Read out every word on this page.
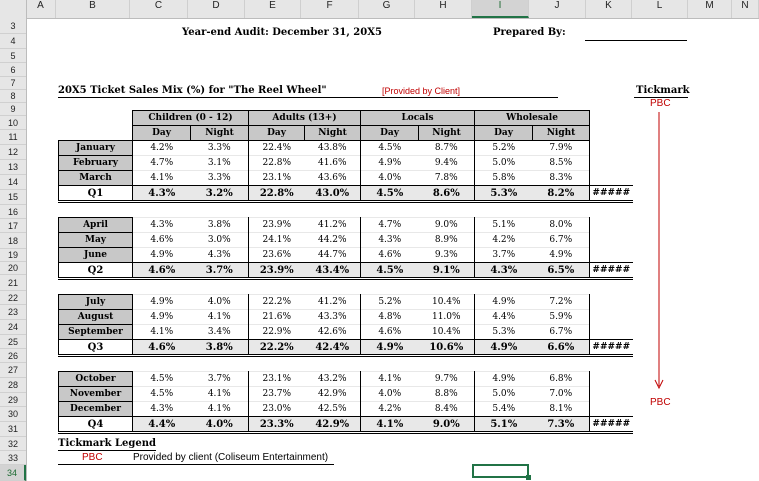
A	B	C	D	E	F	G	H	I	J	K	L	M	N
3
4
5
6
7
8
9
10
11
12
13
14
15
16
17
18
19
20
21
22
23
24
25
26
27
28
29
30
31
32
33
34
Year-end Audit: December 31, 20X5	Prepared By:
20X5 Ticket Sales Mix (%) for "The Reel Wheel"	[Provided by Client]	Tickmark
PBC
PBC
	Children (0 - 12)		Adults (13+)		Locals		Wholesale		
	Day	Night	Day	Night	Day	Night	Day	Night	
January	4.2%	3.3%	22.4%	43.8%	4.5%	8.7%	5.2%	7.9%	
February	4.7%	3.1%	22.8%	41.6%	4.9%	9.4%	5.0%	8.5%	
March	4.1%	3.3%	23.1%	43.6%	4.0%	7.8%	5.8%	8.3%	
Q1	4.3%	3.2%	22.8%	43.0%	4.5%	8.6%	5.3%	8.2%	#####

April	4.3%	3.8%	23.9%	41.2%	4.7%	9.0%	5.1%	8.0%	
May	4.6%	3.0%	24.1%	44.2%	4.3%	8.9%	4.2%	6.7%	
June	4.9%	4.3%	23.6%	44.7%	4.6%	9.3%	3.7%	4.9%	
Q2	4.6%	3.7%	23.9%	43.4%	4.5%	9.1%	4.3%	6.5%	#####

July	4.9%	4.0%	22.2%	41.2%	5.2%	10.4%	4.9%	7.2%	
August	4.9%	4.1%	21.6%	43.3%	4.8%	11.0%	4.4%	5.9%	
September	4.1%	3.4%	22.9%	42.6%	4.6%	10.4%	5.3%	6.7%	
Q3	4.6%	3.8%	22.2%	42.4%	4.9%	10.6%	4.9%	6.6%	#####

October	4.5%	3.7%	23.1%	43.2%	4.1%	9.7%	4.9%	6.8%	
November	4.5%	4.1%	23.7%	42.9%	4.0%	8.8%	5.0%	7.0%	
December	4.3%	4.1%	23.0%	42.5%	4.2%	8.4%	5.4%	8.1%	
Q4	4.4%	4.0%	23.3%	42.9%	4.1%	9.0%	5.1%	7.3%	#####
Tickmark Legend
PBC	Provided by client (Coliseum Entertainment)
